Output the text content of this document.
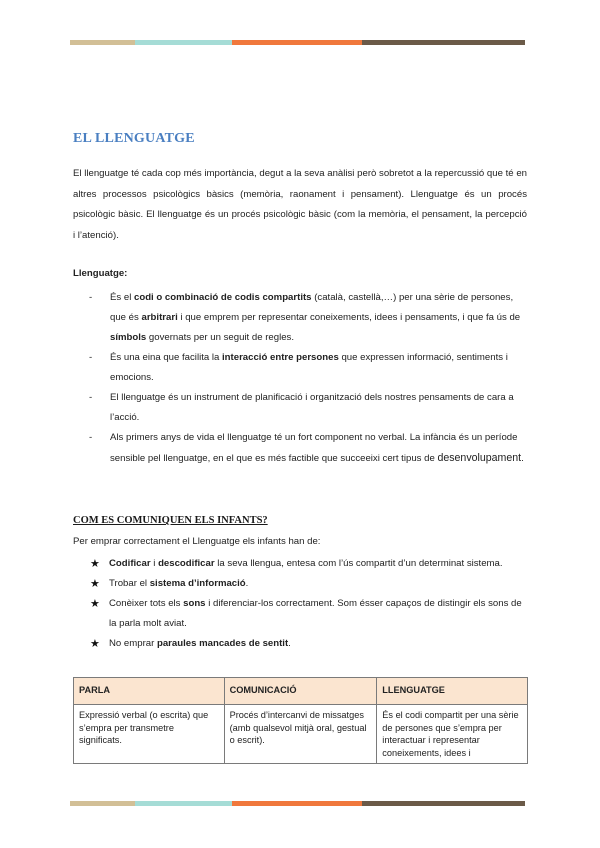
EL LLENGUATGE

El llenguatge té cada cop més importància, degut a la seva anàlisi però sobretot a la repercussió que té en altres processos psicològics bàsics (memòria, raonament i pensament). Llenguatge és un procés psicològic bàsic. El llenguatge és un procés psicològic bàsic (com la memòria, el pensament, la percepció i l’atenció).

Llenguatge:
- És el codi o combinació de codis compartits (català, castellà,…) per una sèrie de persones, que és arbitrari i que emprem per representar coneixements, idees i pensaments, i que fa ús de símbols governats per un seguit de regles.
- És una eina que facilita la interacció entre persones que expressen informació, sentiments i emocions.
- El llenguatge és un instrument de planificació i organització dels nostres pensaments de cara a l’acció.
- Als primers anys de vida el llenguatge té un fort component no verbal. La infància és un període sensible pel llenguatge, en el que es més factible que succeeixi cert tipus de desenvolupament.
COM ES COMUNIQUEN ELS INFANTS?
Per emprar correctament el Llenguatge els infants han de:
★ Codificar i descodificar la seva llengua, entesa com l’ús compartit d’un determinat sistema.
★ Trobar el sistema d’informació.
★ Conèixer tots els sons i diferenciar-los correctament. Som ésser capaços de distingir els sons de la parla molt aviat.
★ No emprar paraules mancades de sentit.
PARLA	COMUNICACIÓ	LLENGUATGE
Expressió verbal (o escrita) que s’empra per transmetre significats.	Procés d’intercanvi de missatges (amb qualsevol mitjà oral, gestual o escrit).	És el codi compartit per una sèrie de persones que s’empra per interactuar i representar coneixements, idees i
